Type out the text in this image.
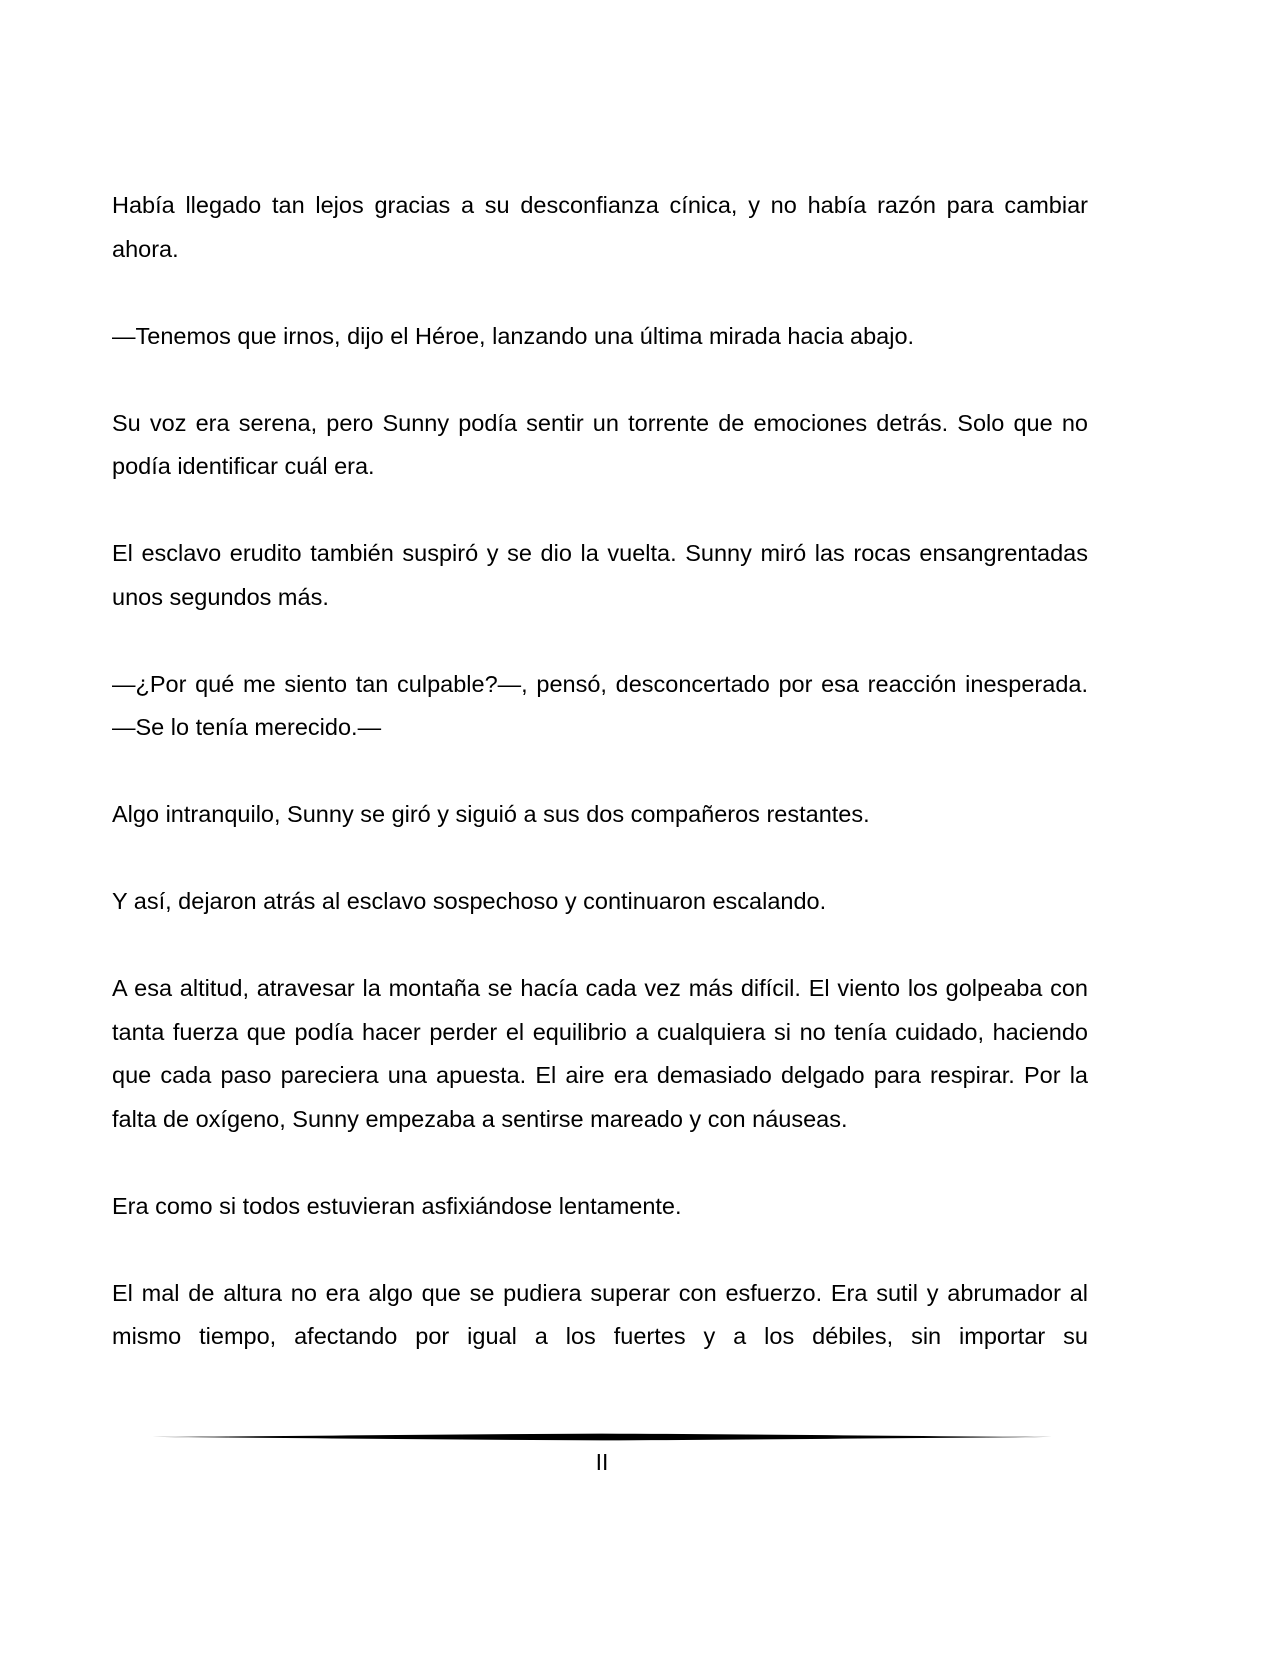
Había llegado tan lejos gracias a su desconfianza cínica, y no había razón para cambiar ahora.

—Tenemos que irnos, dijo el Héroe, lanzando una última mirada hacia abajo.

Su voz era serena, pero Sunny podía sentir un torrente de emociones detrás. Solo que no podía identificar cuál era.

El esclavo erudito también suspiró y se dio la vuelta. Sunny miró las rocas ensangrentadas unos segundos más.

—¿Por qué me siento tan culpable?—, pensó, desconcertado por esa reacción inesperada. —Se lo tenía merecido.—

Algo intranquilo, Sunny se giró y siguió a sus dos compañeros restantes.

Y así, dejaron atrás al esclavo sospechoso y continuaron escalando.

A esa altitud, atravesar la montaña se hacía cada vez más difícil. El viento los golpeaba con tanta fuerza que podía hacer perder el equilibrio a cualquiera si no tenía cuidado, haciendo que cada paso pareciera una apuesta. El aire era demasiado delgado para respirar. Por la falta de oxígeno, Sunny empezaba a sentirse mareado y con náuseas.

Era como si todos estuvieran asfixiándose lentamente.

El mal de altura no era algo que se pudiera superar con esfuerzo. Era sutil y abrumador al mismo tiempo, afectando por igual a los fuertes y a los débiles, sin importar su

II
